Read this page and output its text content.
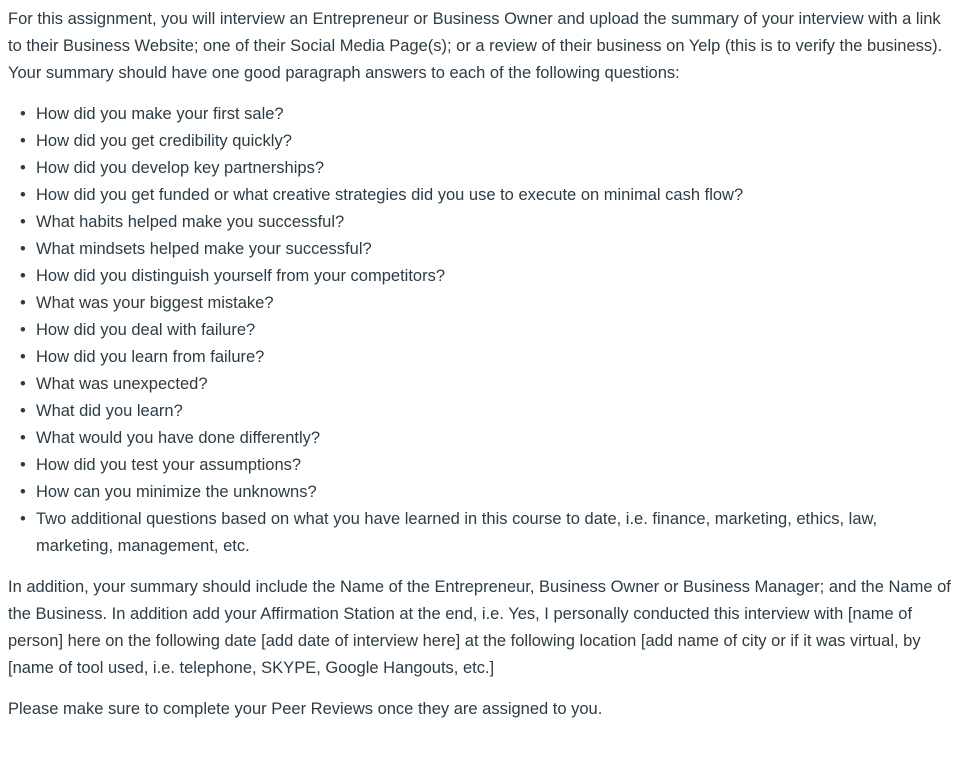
For this assignment, you will interview an Entrepreneur or Business Owner and upload the summary of your interview with a link to their Business Website; one of their Social Media Page(s); or a review of their business on Yelp (this is to verify the business). Your summary should have one good paragraph answers to each of the following questions:

• How did you make your first sale?
• How did you get credibility quickly?
• How did you develop key partnerships?
• How did you get funded or what creative strategies did you use to execute on minimal cash flow?
• What habits helped make you successful?
• What mindsets helped make your successful?
• How did you distinguish yourself from your competitors?
• What was your biggest mistake?
• How did you deal with failure?
• How did you learn from failure?
• What was unexpected?
• What did you learn?
• What would you have done differently?
• How did you test your assumptions?
• How can you minimize the unknowns?
• Two additional questions based on what you have learned in this course to date, i.e. finance, marketing, ethics, law, marketing, management, etc.

In addition, your summary should include the Name of the Entrepreneur, Business Owner or Business Manager; and the Name of the Business. In addition add your Affirmation Station at the end, i.e. Yes, I personally conducted this interview with [name of person] here on the following date [add date of interview here] at the following location [add name of city or if it was virtual, by [name of tool used, i.e. telephone, SKYPE, Google Hangouts, etc.]

Please make sure to complete your Peer Reviews once they are assigned to you.
